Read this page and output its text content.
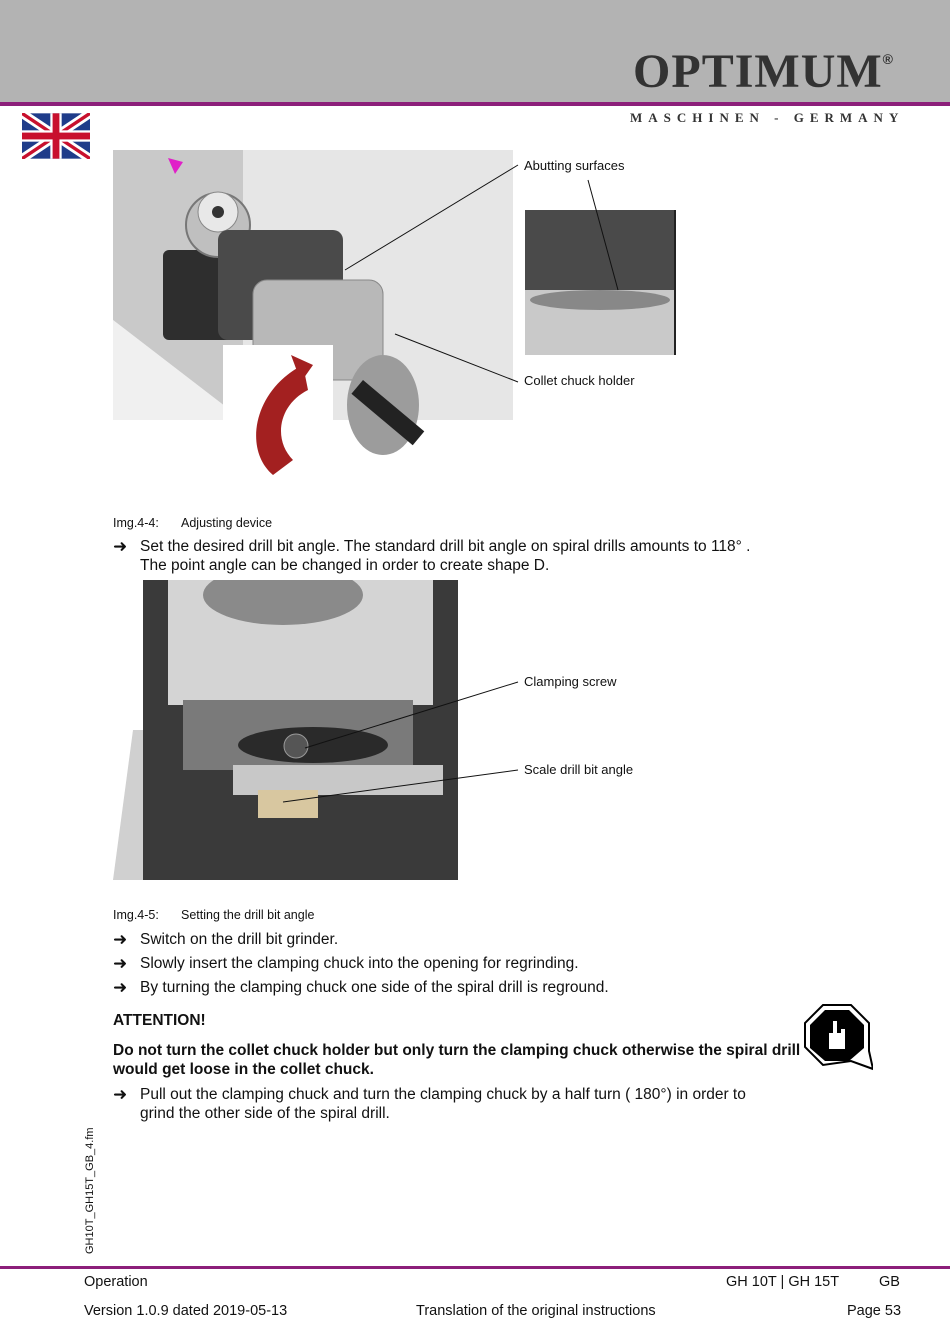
OPTIMUM®
MASCHINEN - GERMANY
Abutting surfaces
Collet chuck holder
Img.4-4: Adjusting device
➜ Set the desired drill bit angle. The standard drill bit angle on spiral drills amounts to 118° .
The point angle can be changed in order to create shape D.
Clamping screw
Scale drill bit angle
Img.4-5: Setting the drill bit angle
➜ Switch on the drill bit grinder.
➜ Slowly insert the clamping chuck into the opening for regrinding.
➜ By turning the clamping chuck one side of the spiral drill is reground.
ATTENTION!
Do not turn the collet chuck holder but only turn the clamping chuck otherwise the spiral drill would get loose in the collet chuck.
➜ Pull out the clamping chuck and turn the clamping chuck by a half turn ( 180°) in order to
grind the other side of the spiral drill.
GH10T_GH15T_GB_4.fm
Operation	GH 10T | GH 15T	GB
Version 1.0.9 dated 2019-05-13	Translation of the original instructions	Page 53
